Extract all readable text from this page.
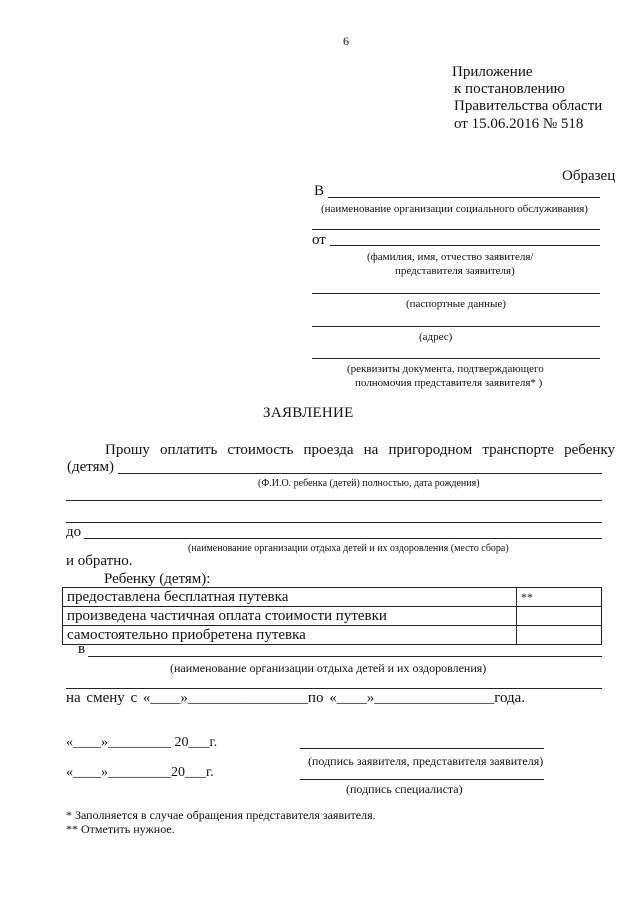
6
Приложение
к постановлению
Правительства области
от 15.06.2016 № 518
Образец
В
(наименование организации социального обслуживания)
от
(фамилия, имя, отчество заявителя/
представителя заявителя)
(паспортные данные)
(адрес)
(реквизиты документа, подтверждающего
полномочия представителя заявителя* )
ЗАЯВЛЕНИЕ
Прошу оплатить стоимость проезда на пригородном транспорте ребенку
(детям)
(Ф.И.О. ребенка (детей) полностью, дата рождения)
до
(наименование организации отдыха детей и их оздоровления (место сбора)
и обратно.
Ребенку (детям):
предоставлена бесплатная путевка	**
произведена частичная оплата стоимости путевки	
самостоятельно приобретена путевка	
в
(наименование организации отдыха детей и их оздоровления)
на смену с «____»________________по «____»________________года.
«____»_________ 20___г.
(подпись заявителя, представителя заявителя)
«____»_________20___г.
(подпись специалиста)
* Заполняется в случае обращения представителя заявителя.
** Отметить нужное.
